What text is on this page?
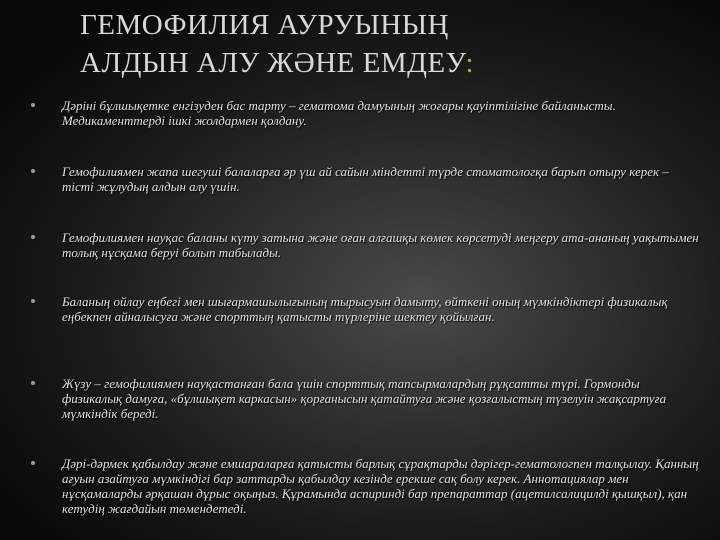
ГЕМОФИЛИЯ АУРУЫНЫҢ
АЛДЫН АЛУ ЖӘНЕ ЕМДЕУ:

Дәріні бұлшықетке енгізуден бас тарту – гематома дамуының жоғары қауіптілігіне байланысты. Медикаменттерді ішкі жолдармен қолдану.

Гемофилиямен жапа шегуші балаларға әр үш ай сайын міндетті түрде стоматологқа барып отыру керек – тісті жұлудың алдын алу үшін.

Гемофилиямен науқас баланы күту затына және оған алғашқы көмек көрсетуді меңгеру ата-ананың уақытымен толық нұсқама беруі болып табылады.

Баланың ойлау еңбегі мен шығармашылығының тырысуын дамыту, өйткені оның мүмкіндіктері физикалық еңбекпен айналысуға және спорттың қатысты түрлеріне шектеу қойылған.

Жүзу – гемофилиямен науқастанған бала үшін спорттық тапсырмалардың рұқсатты түрі. Гормонды физикалық дамуға, «бұлшықет каркасын» қорғанысын қатайтуға және қозғалыстың түзелуін жақсартуға мүмкіндік береді.

Дәрі-дәрмек қабылдау және емшараларға қатысты барлық сұрақтарды дәрігер-гематологпен талқылау. Қанның ағуын азайтуға мүмкіндігі бар заттарды қабылдау кезінде ерекше сақ болу керек. Аннотациялар мен нұсқамаларды әрқашан дұрыс оқыңыз. Құрамында аспиринді бар препараттар (ацетилсалицилді қышқыл), қан кетудің жағдайын төмендетеді.
